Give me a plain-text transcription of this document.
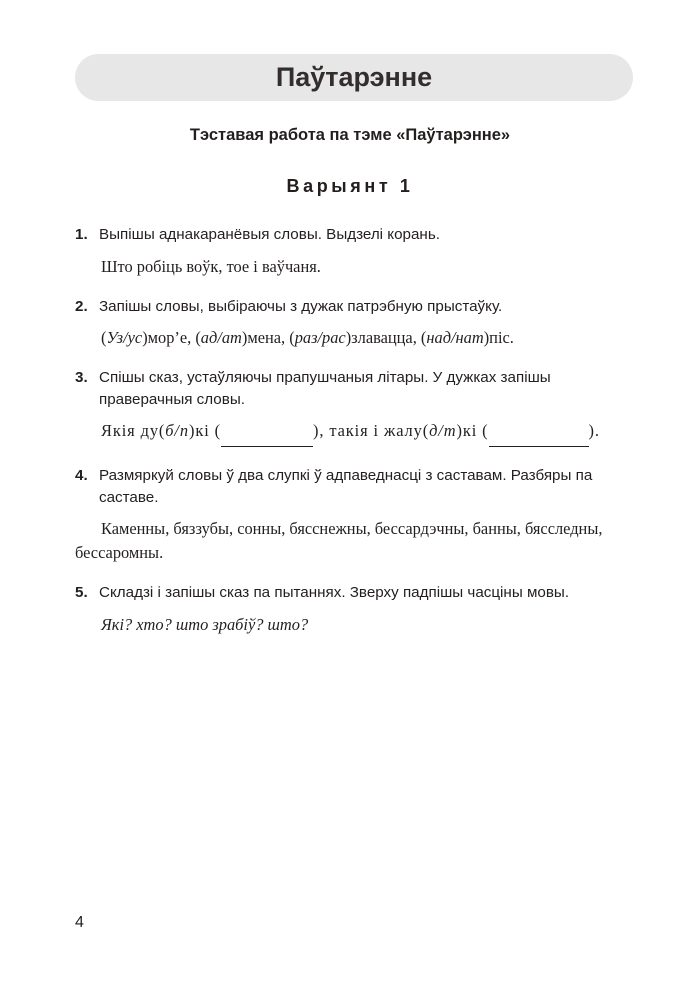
Паўтарэнне
Тэставая работа па тэме «Паўтарэнне»
Варыянт 1
1. Выпішы аднакаранёвыя словы. Выдзелі корань.
Што робіць воўк, тое і ваўчаня.
2. Запішы словы, выбіраючы з дужак патрэбную прыстаўку.
(Уз/ус)мор’е, (ад/ат)мена, (раз/рас)злавацца, (над/нат)піс.
3. Спішы сказ, устаўляючы прапушчаныя літары. У дужках запішы праверачныя словы.
Якія ду(б/п)кі (	), такія і жалу(д/т)кі (	).
4. Размяркуй словы ў два слупкі ў адпаведнасці з саставам. Разбяры па саставе.
Каменны, бяззубы, сонны, бясснежны, бессардэчны, банны, бясследны, бессаромны.
5. Складзі і запішы сказ па пытаннях. Зверху падпішы часціны мовы.
Які? хто? што зрабіў? што?
4
